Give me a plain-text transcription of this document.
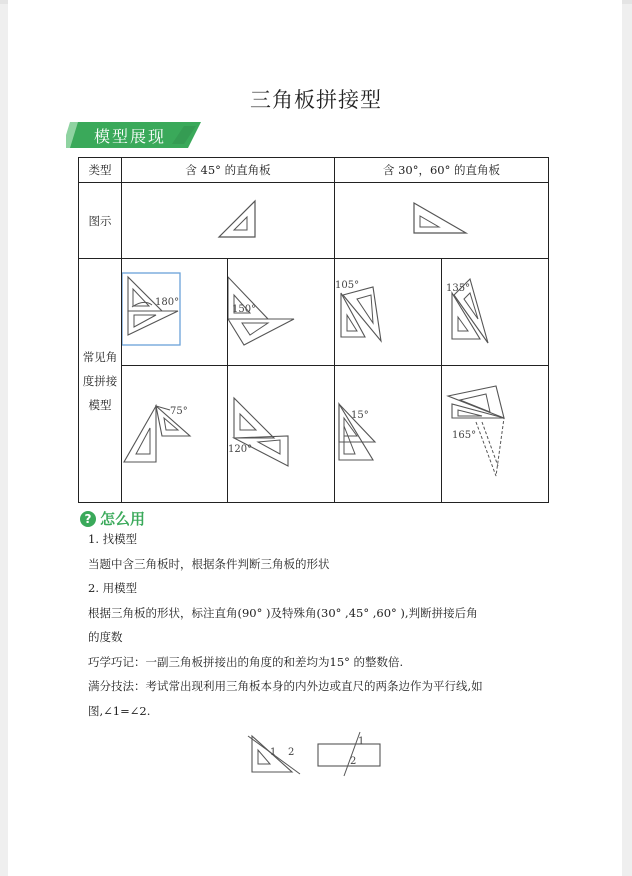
三角板拼接型
模型展现
类型	含 45° 的直角板		含 30°，60° 的直角板	
图示		

常见角
度拼接
模型	180°	150°	105°	135°

75°	120°	15°	165°
? 怎么用

1. 找模型

当题中含三角板时，根据条件判断三角板的形状

2. 用模型

根据三角板的形状，标注直角(90° )及特殊角(30° ,45° ,60° ),判断拼接后角

的度数

巧学巧记：一副三角板拼接出的角度的和差均为15° 的整数倍.

满分技法：考试常出现利用三角板本身的内外边或直尺的两条边作为平行线,如

图,∠1=∠2.

1 2
1
2
